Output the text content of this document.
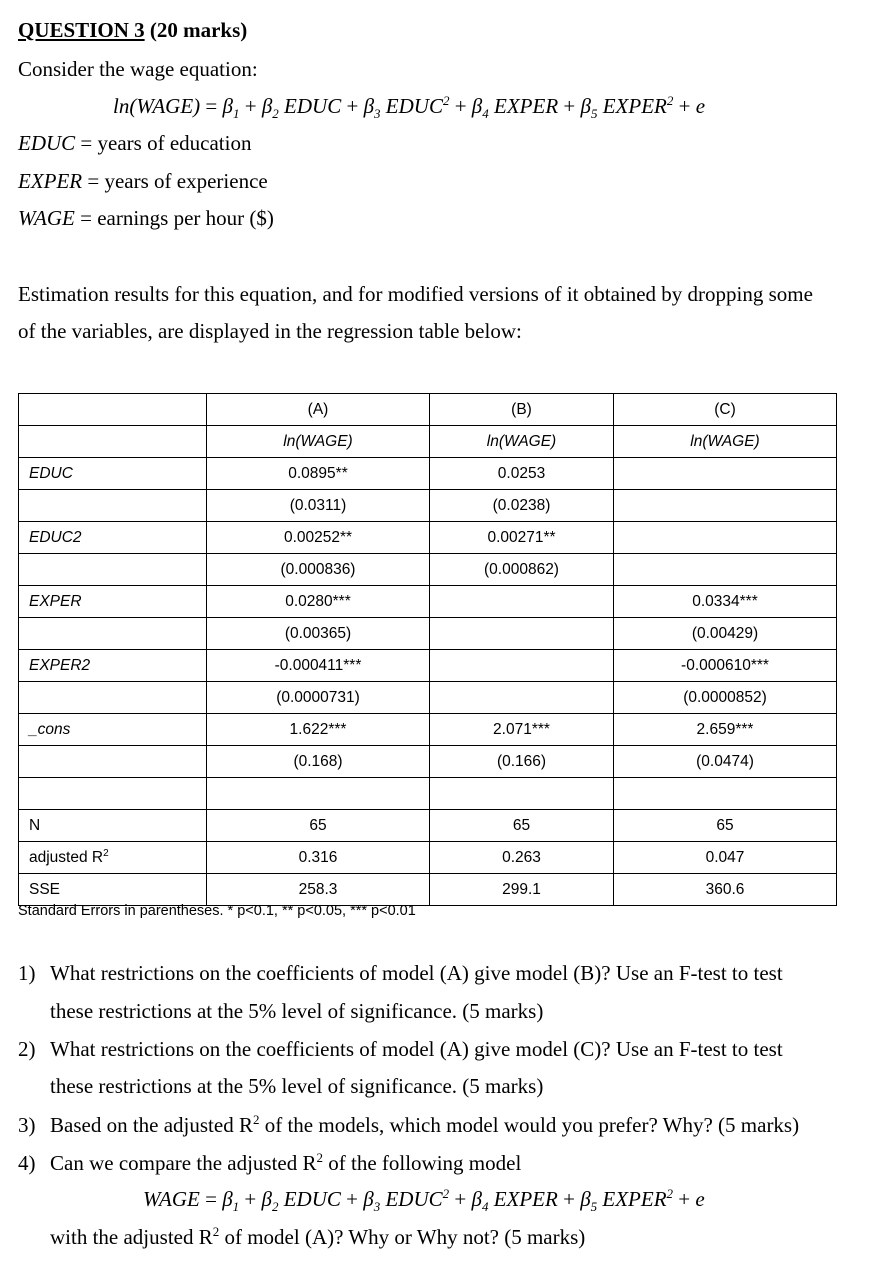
QUESTION 3 (20 marks)
Consider the wage equation:
ln(WAGE) = $\beta_1 + \beta_2$ EDUC + $\beta_3$ $EDUC^2 + \beta_4$ EXPER + $\beta_5$ $EXPER^2 + e$
EDUC = years of education
EXPER = years of experience
WAGE = earnings per hour ($)
Estimation results for this equation, and for modified versions of it obtained by dropping some
of the variables, are displayed in the regression table below:
	(A)	(B)	(C)
	ln(WAGE)	ln(WAGE)	ln(WAGE)
EDUC	0.0895**	0.0253	
	(0.0311)	(0.0238)	
EDUC2	0.00252**	0.00271**	
	(0.000836)	(0.000862)	
EXPER	0.0280***		0.0334***
	(0.00365)		(0.00429)
EXPER2	-0.000411***		-0.000610***
	(0.0000731)		(0.0000852)
_cons	1.622***	2.071***	2.659***
	(0.168)	(0.166)	(0.0474)

N	65	65	65
adjusted $R^2$	0.316	0.263	0.047
SSE	258.3	299.1	360.6
Standard Errors in parentheses. * p<0.1, ** p<0.05, *** p<0.01
1) What restrictions on the coefficients of model (A) give model (B)? Use an F-test to test
these restrictions at the 5% level of significance. (5 marks)
2) What restrictions on the coefficients of model (A) give model (C)? Use an F-test to test
these restrictions at the 5% level of significance. (5 marks)
3) Based on the adjusted $R^2$ of the models, which model would you prefer? Why? (5 marks)
4) Can we compare the adjusted $R^2$ of the following model
WAGE = $\beta_1 + \beta_2$ EDUC + $\beta_3$ $EDUC^2 + \beta_4$ EXPER + $\beta_5$ $EXPER^2 + e$
with the adjusted $R^2$ of model (A)? Why or Why not? (5 marks)
